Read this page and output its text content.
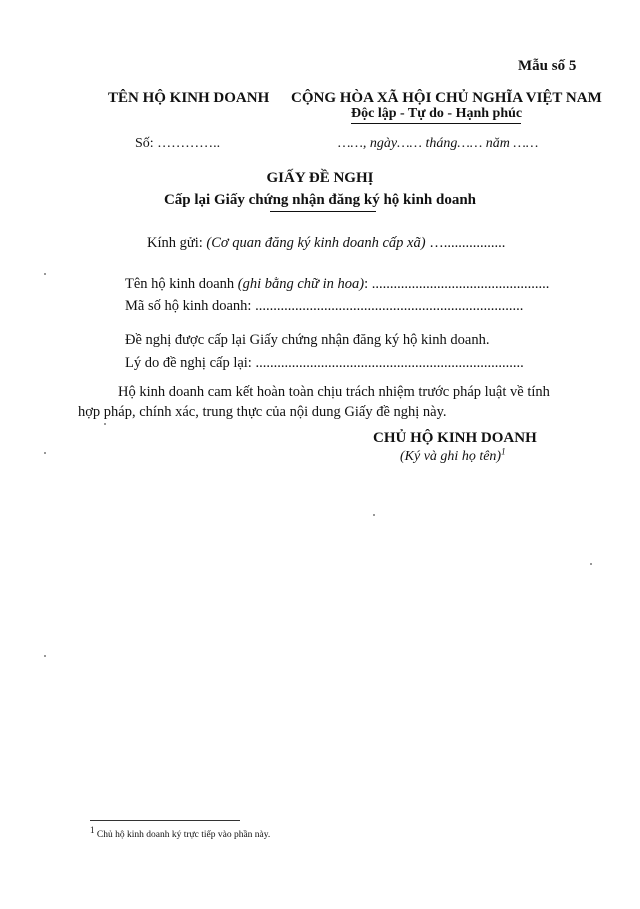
Mẫu số 5
TÊN HỘ KINH DOANH CỘNG HÒA XÃ HỘI CHỦ NGHĨA VIỆT NAM
Độc lập - Tự do - Hạnh phúc
Số: …………..	……, ngày…… tháng…… năm ……
GIẤY ĐỀ NGHỊ
Cấp lại Giấy chứng nhận đăng ký hộ kinh doanh
Kính gửi: (Cơ quan đăng ký kinh doanh cấp xã) ….................
Tên hộ kinh doanh (ghi bằng chữ in hoa): .................................................
Mã số hộ kinh doanh: ..........................................................................
Đề nghị được cấp lại Giấy chứng nhận đăng ký hộ kinh doanh.
Lý do đề nghị cấp lại: ..........................................................................
Hộ kinh doanh cam kết hoàn toàn chịu trách nhiệm trước pháp luật về tính
hợp pháp, chính xác, trung thực của nội dung Giấy đề nghị này.
CHỦ HỘ KINH DOANH
(Ký và ghi họ tên)$^1$
$^1$ Chủ hộ kinh doanh ký trực tiếp vào phần này.
